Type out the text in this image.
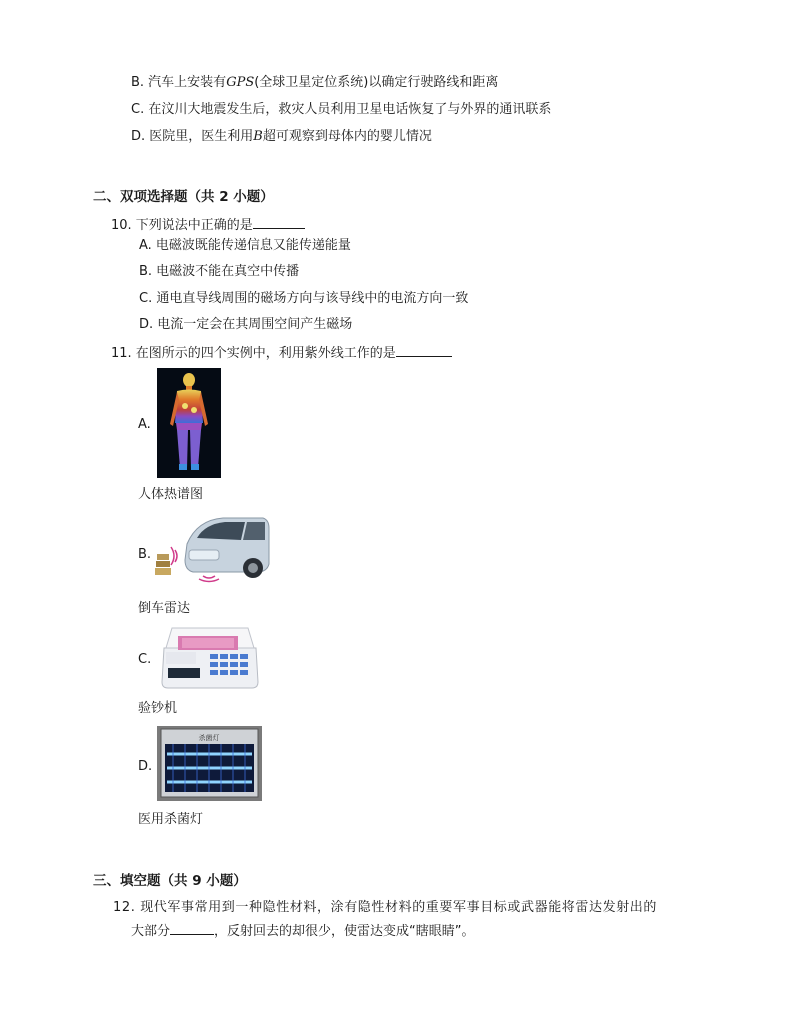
B. 汽车上安装有GPS(全球卫星定位系统)以确定行驶路线和距离
C. 在汶川大地震发生后，救灾人员利用卫星电话恢复了与外界的通讯联系
D. 医院里，医生利用B超可观察到母体内的婴儿情况
二、双项选择题（共 2 小题）
10. 下列说法中正确的是
A. 电磁波既能传递信息又能传递能量
B. 电磁波不能在真空中传播
C. 通电直导线周围的磁场方向与该导线中的电流方向一致
D. 电流一定会在其周围空间产生磁场
11. 在图所示的四个实例中，利用紫外线工作的是
A.
人体热谱图
B.
倒车雷达
C.
验钞机
D.
杀菌灯
医用杀菌灯
三、填空题（共 9 小题）
12. 现代军事常用到一种隐性材料，涂有隐性材料的重要军事目标或武器能将雷达发射出的
大部分	，反射回去的却很少，使雷达变成“瞎眼睛”。
